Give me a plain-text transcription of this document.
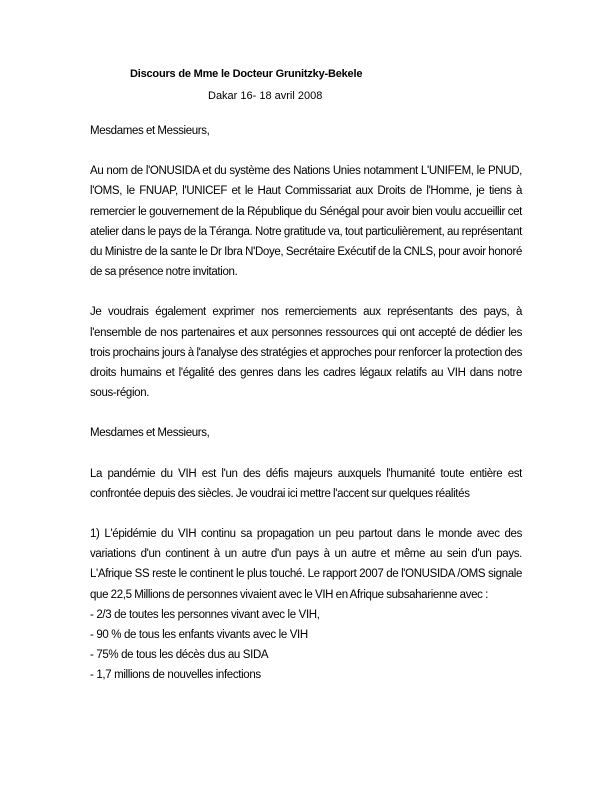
Discours de Mme le Docteur Grunitzky-Bekele

Dakar 16- 18 avril 2008

Mesdames et Messieurs,

Au nom de l'ONUSIDA et du système des Nations Unies notamment L'UNIFEM, le PNUD, l'OMS, le FNUAP, l'UNICEF et le Haut Commissariat aux Droits de l'Homme, je tiens à remercier le gouvernement de la République du Sénégal pour avoir bien voulu accueillir cet atelier dans le pays de la Téranga. Notre gratitude va, tout particulièrement, au représentant du Ministre de la sante le Dr Ibra N'Doye, Secrétaire Exécutif de la CNLS, pour avoir honoré de sa présence notre invitation.

Je voudrais également exprimer nos remerciements aux représentants des pays, à l'ensemble de nos partenaires et aux personnes ressources qui ont accepté de dédier les trois prochains jours à l'analyse des stratégies et approches pour renforcer la protection des droits humains et l'égalité des genres dans les cadres légaux relatifs au VIH dans notre sous-région.

Mesdames et Messieurs,

La pandémie du VIH est l'un des défis majeurs auxquels l'humanité toute entière est confrontée depuis des siècles. Je voudrai ici mettre l'accent sur quelques réalités

1) L'épidémie du VIH continu sa propagation un peu partout dans le monde avec des variations d'un continent à un autre d'un pays à un autre et même au sein d'un pays. L'Afrique SS reste le continent le plus touché. Le rapport 2007 de l'ONUSIDA /OMS signale que 22,5 Millions de personnes vivaient avec le VIH en Afrique subsaharienne avec :

- 2/3 de toutes les personnes vivant avec le VIH,
- 90 % de tous les enfants vivants avec le VIH
- 75% de tous les décès dus au SIDA
- 1,7 millions de nouvelles infections
